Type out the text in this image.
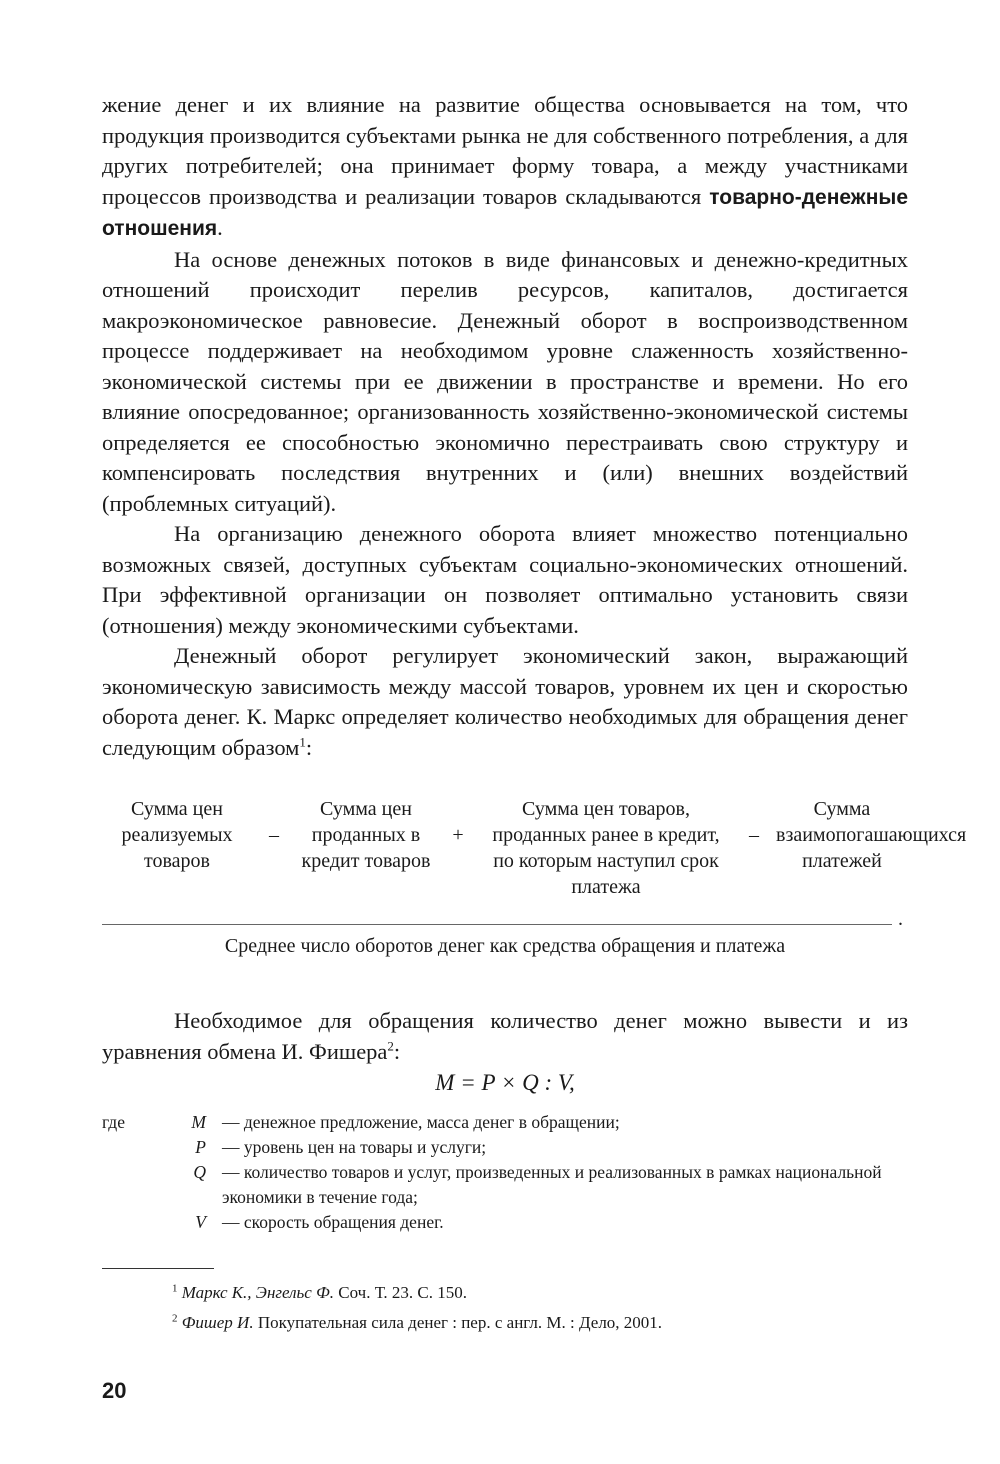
жение денег и их влияние на развитие общества основывается на том, что продукция производится субъектами рынка не для собственного потребления, а для других потребителей; она принимает форму товара, а между участниками процессов производства и реализации товаров складываются товарно-денежные отношения.

На основе денежных потоков в виде финансовых и денежно-кредитных отношений происходит перелив ресурсов, капиталов, достигается макроэкономическое равновесие. Денежный оборот в воспроизводственном процессе поддерживает на необходимом уровне слаженность хозяйственно-экономической системы при ее движении в пространстве и времени. Но его влияние опосредованное; организованность хозяйственно-экономической системы определяется ее способностью экономично перестраивать свою структуру и компенсировать последствия внутренних и (или) внешних воздействий (проблемных ситуаций).

На организацию денежного оборота влияет множество потенциально возможных связей, доступных субъектам социально-экономических отношений. При эффективной организации он позволяет оптимально установить связи (отношения) между экономическими субъектами.

Денежный оборот регулирует экономический закон, выражающий экономическую зависимость между массой товаров, уровнем их цен и скоростью оборота денег. К. Маркс определяет количество необходимых для обращения денег следующим образом$^1$:

Сумма цен реализуемых товаров
–
Сумма цен проданных в кредит товаров
+
Сумма цен товаров, проданных ранее в кредит, по которым наступил срок платежа
–
Сумма взаимопогашающихся платежей
.
Среднее число оборотов денег как средства обращения и платежа

Необходимое для обращения количество денег можно вывести и из уравнения обмена И. Фишера$^2$:

M = P × Q : V,
где	M — денежное предложение, масса денег в обращении;
P — уровень цен на товары и услуги;
Q — количество товаров и услуг, произведенных и реализованных в рамках национальной экономики в течение года;
V — скорость обращения денег.
$^1$ Маркс К., Энгельс Ф. Соч. Т. 23. С. 150.
$^2$ Фишер И. Покупательная сила денег : пер. с англ. М. : Дело, 2001.
20
